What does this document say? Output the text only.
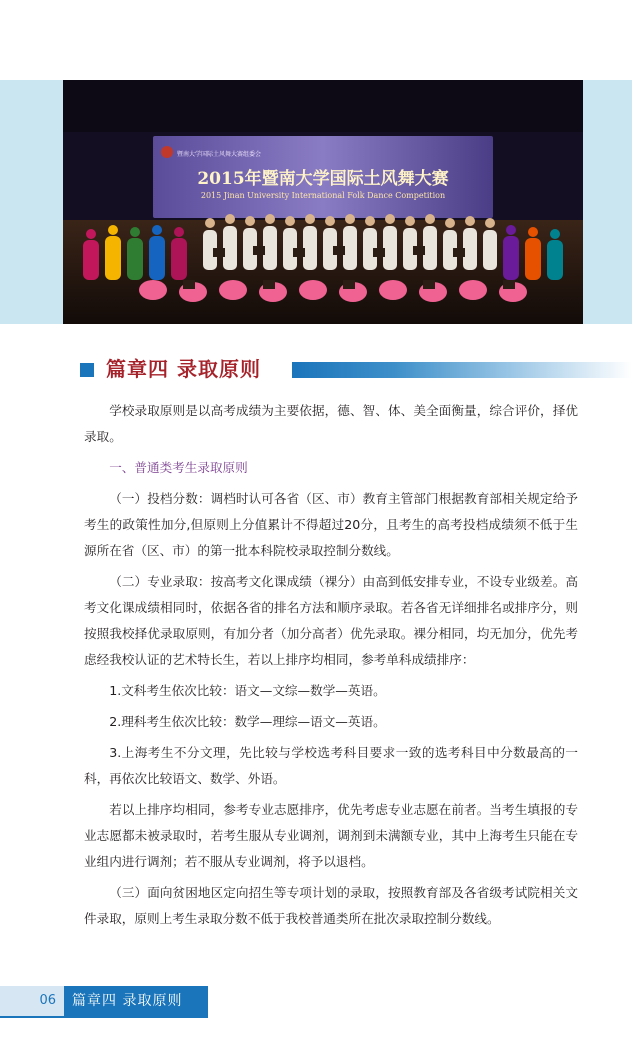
暨南大学国际土风舞大赛组委会
2015年暨南大学国际土风舞大赛
2015 Jinan University International Folk Dance Competition
篇章四 录取原则

学校录取原则是以高考成绩为主要依据，德、智、体、美全面衡量，综合评价，择优录取。

一、普通类考生录取原则

（一）投档分数：调档时认可各省（区、市）教育主管部门根据教育部相关规定给予考生的政策性加分,但原则上分值累计不得超过20分，且考生的高考投档成绩须不低于生源所在省（区、市）的第一批本科院校录取控制分数线。

（二）专业录取：按高考文化课成绩（裸分）由高到低安排专业，不设专业级差。高考文化课成绩相同时，依据各省的排名方法和顺序录取。若各省无详细排名或排序分，则按照我校择优录取原则，有加分者（加分高者）优先录取。裸分相同，均无加分，优先考虑经我校认证的艺术特长生，若以上排序均相同，参考单科成绩排序：

1.文科考生依次比较：语文—文综—数学—英语。

2.理科考生依次比较：数学—理综—语文—英语。

3.上海考生不分文理，先比较与学校选考科目要求一致的选考科目中分数最高的一科，再依次比较语文、数学、外语。

若以上排序均相同，参考专业志愿排序，优先考虑专业志愿在前者。当考生填报的专业志愿都未被录取时，若考生服从专业调剂，调剂到未满额专业，其中上海考生只能在专业组内进行调剂；若不服从专业调剂，将予以退档。

（三）面向贫困地区定向招生等专项计划的录取，按照教育部及各省级考试院相关文件录取，原则上考生录取分数不低于我校普通类所在批次录取控制分数线。

06	篇章四 录取原则
